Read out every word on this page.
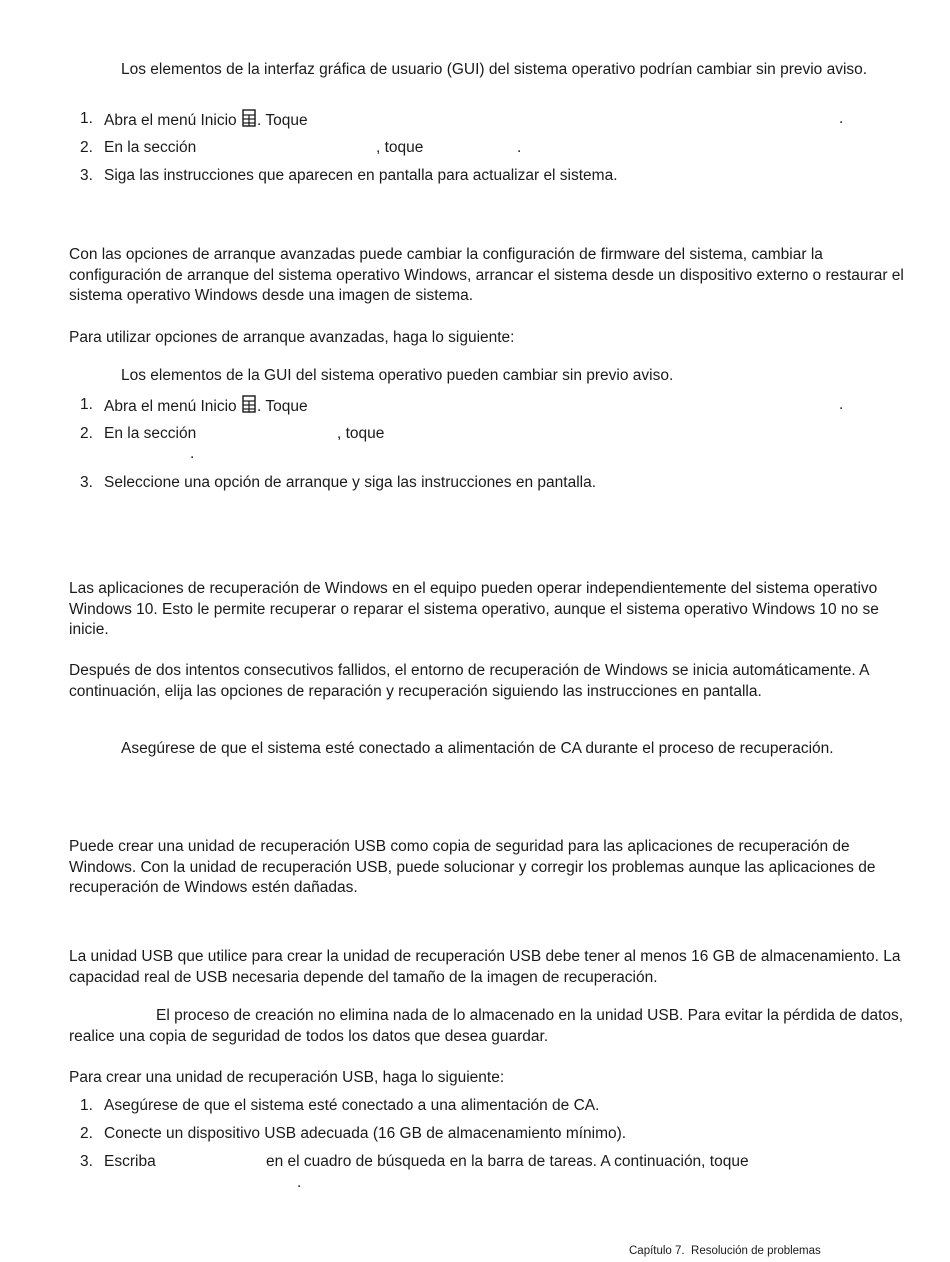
Los elementos de la interfaz gráfica de usuario (GUI) del sistema operativo podrían cambiar sin previo aviso.
1. Abra el menú Inicio . Toque	.
2. En la sección	, toque	.
3. Siga las instrucciones que aparecen en pantalla para actualizar el sistema.
Con las opciones de arranque avanzadas puede cambiar la configuración de firmware del sistema, cambiar la configuración de arranque del sistema operativo Windows, arrancar el sistema desde un dispositivo externo o restaurar el sistema operativo Windows desde una imagen de sistema.
Para utilizar opciones de arranque avanzadas, haga lo siguiente:
Los elementos de la GUI del sistema operativo pueden cambiar sin previo aviso.
1. Abra el menú Inicio . Toque	.
2. En la sección	, toque
.
3. Seleccione una opción de arranque y siga las instrucciones en pantalla.
Las aplicaciones de recuperación de Windows en el equipo pueden operar independientemente del sistema operativo Windows 10. Esto le permite recuperar o reparar el sistema operativo, aunque el sistema operativo Windows 10 no se inicie.
Después de dos intentos consecutivos fallidos, el entorno de recuperación de Windows se inicia automáticamente. A continuación, elija las opciones de reparación y recuperación siguiendo las instrucciones en pantalla.
Asegúrese de que el sistema esté conectado a alimentación de CA durante el proceso de recuperación.
Puede crear una unidad de recuperación USB como copia de seguridad para las aplicaciones de recuperación de Windows. Con la unidad de recuperación USB, puede solucionar y corregir los problemas aunque las aplicaciones de recuperación de Windows estén dañadas.
La unidad USB que utilice para crear la unidad de recuperación USB debe tener al menos 16 GB de almacenamiento. La capacidad real de USB necesaria depende del tamaño de la imagen de recuperación.
El proceso de creación no elimina nada de lo almacenado en la unidad USB. Para evitar la pérdida de datos, realice una copia de seguridad de todos los datos que desea guardar.
Para crear una unidad de recuperación USB, haga lo siguiente:
1. Asegúrese de que el sistema esté conectado a una alimentación de CA.
2. Conecte un dispositivo USB adecuada (16 GB de almacenamiento mínimo).
3. Escriba	en el cuadro de búsqueda en la barra de tareas. A continuación, toque
.
Capítulo 7. Resolución de problemas
